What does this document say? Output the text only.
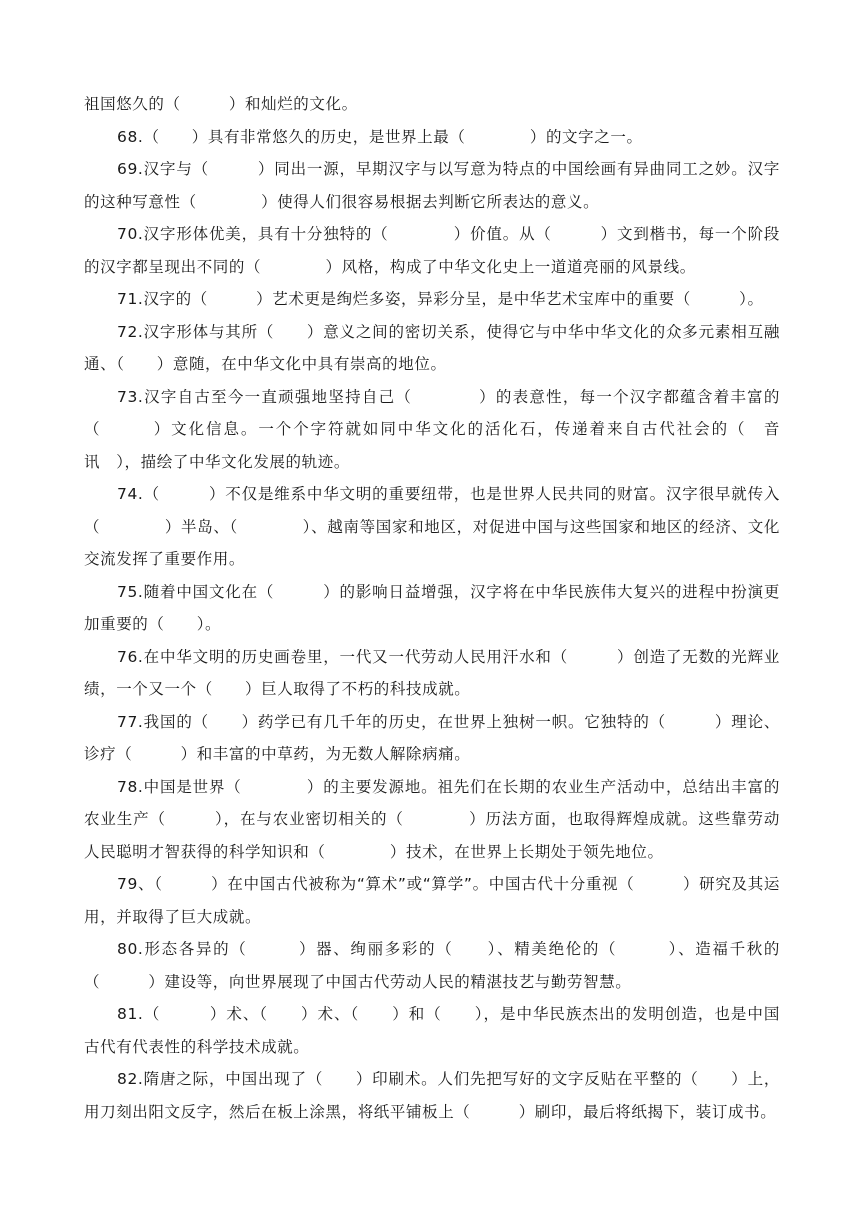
祖国悠久的（　　　）和灿烂的文化。

68.（　　）具有非常悠久的历史，是世界上最（　　　　）的文字之一。

69.汉字与（　　　）同出一源，早期汉字与以写意为特点的中国绘画有异曲同工之妙。汉字的这种写意性（　　　　）使得人们很容易根据去判断它所表达的意义。

70.汉字形体优美，具有十分独特的（　　　　）价值。从（　　　）文到楷书，每一个阶段的汉字都呈现出不同的（　　　　）风格，构成了中华文化史上一道道亮丽的风景线。

71.汉字的（　　　）艺术更是绚烂多姿，异彩分呈，是中华艺术宝库中的重要（　　　）。

72.汉字形体与其所（　　）意义之间的密切关系，使得它与中华中华文化的众多元素相互融通、（　　）意随，在中华文化中具有崇高的地位。

73.汉字自古至今一直顽强地坚持自己（　　　　）的表意性，每一个汉字都蕴含着丰富的（　　　）文化信息。一个个字符就如同中华文化的活化石，传递着来自古代社会的（　音讯　），描绘了中华文化发展的轨迹。

74.（　　　）不仅是维系中华文明的重要纽带，也是世界人民共同的财富。汉字很早就传入（　　　　）半岛、（　　　　）、越南等国家和地区，对促进中国与这些国家和地区的经济、文化交流发挥了重要作用。

75.随着中国文化在（　　　）的影响日益增强，汉字将在中华民族伟大复兴的进程中扮演更加重要的（　　）。

76.在中华文明的历史画卷里，一代又一代劳动人民用汗水和（　　　）创造了无数的光辉业绩，一个又一个（　　）巨人取得了不朽的科技成就。

77.我国的（　　）药学已有几千年的历史，在世界上独树一帜。它独特的（　　　）理论、诊疗（　　　）和丰富的中草药，为无数人解除病痛。

78.中国是世界（　　　　）的主要发源地。祖先们在长期的农业生产活动中，总结出丰富的农业生产（　　　），在与农业密切相关的（　　　　）历法方面，也取得辉煌成就。这些靠劳动人民聪明才智获得的科学知识和（　　　　）技术，在世界上长期处于领先地位。

79、（　　　）在中国古代被称为“算术”或“算学”。中国古代十分重视（　　　）研究及其运用，并取得了巨大成就。

80.形态各异的（　　　）器、绚丽多彩的（　　）、精美绝伦的（　　　）、造福千秋的（　　　）建设等，向世界展现了中国古代劳动人民的精湛技艺与勤劳智慧。

81.（　　　）术、（　　）术、（　　）和（　　），是中华民族杰出的发明创造，也是中国古代有代表性的科学技术成就。

82.隋唐之际，中国出现了（　　）印刷术。人们先把写好的文字反贴在平整的（　　）上，用刀刻出阳文反字，然后在板上涂黑，将纸平铺板上（　　　）刷印，最后将纸揭下，装订成书。
